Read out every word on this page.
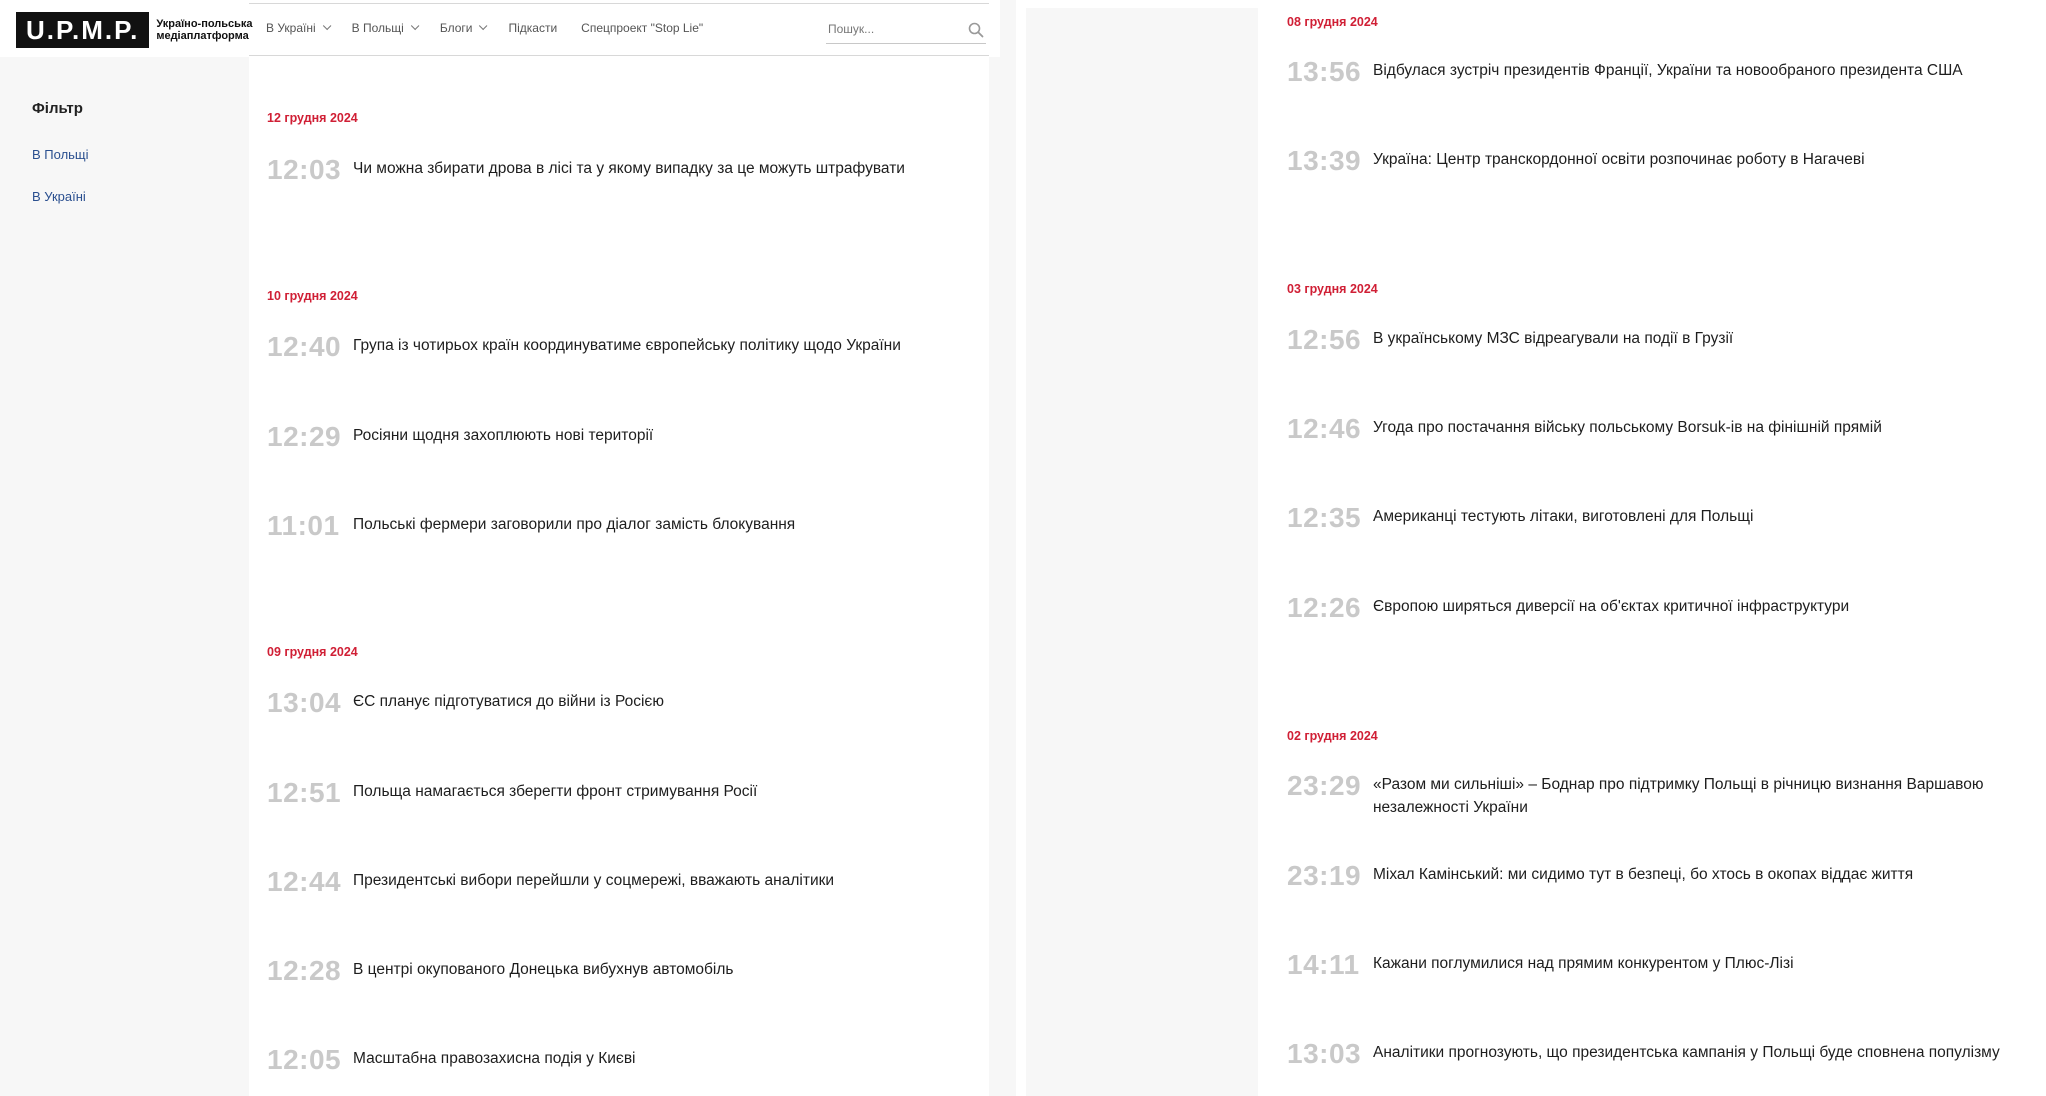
U.P.M.P.	Україно-польська медіаплатформа
В Україні	В Польщі	Блоги	Підкасти Спецпроект "Stop Lie"
Пошук...
Фільтр
В Польщі
В Україні
12 грудня 2024
12:03 Чи можна збирати дрова в лісі та у якому випадку за це можуть штрафувати
10 грудня 2024
12:40 Група із чотирьох країн координуватиме європейську політику щодо України
12:29 Росіяни щодня захоплюють нові території
11:01 Польські фермери заговорили про діалог замість блокування
09 грудня 2024
13:04 ЄС планує підготуватися до війни із Росією
12:51 Польща намагається зберегти фронт стримування Росії
12:44 Президентські вибори перейшли у соцмережі, вважають аналітики
12:28 В центрі окупованого Донецька вибухнув автомобіль
12:05 Масштабна правозахисна подія у Києві
08 грудня 2024
13:56 Відбулася зустріч президентів Франції, України та новообраного президента США
13:39 Україна: Центр транскордонної освіти розпочинає роботу в Нагачеві
03 грудня 2024
12:56 В українському МЗС відреагували на події в Грузії
12:46 Угода про постачання війську польському Borsuk-ів на фінішній прямій
12:35 Американці тестують літаки, виготовлені для Польщі
12:26 Європою ширяться диверсії на об'єктах критичної інфраструктури
02 грудня 2024
23:29 «Разом ми сильніші» – Боднар про підтримку Польщі в річницю визнання Варшавою незалежності України
23:19 Міхал Камінський: ми сидимо тут в безпеці, бо хтось в окопах віддає життя
14:11 Кажани поглумилися над прямим конкурентом у Плюс-Лізі
13:03 Аналітики прогнозують, що президентська кампанія у Польщі буде сповнена популізму
